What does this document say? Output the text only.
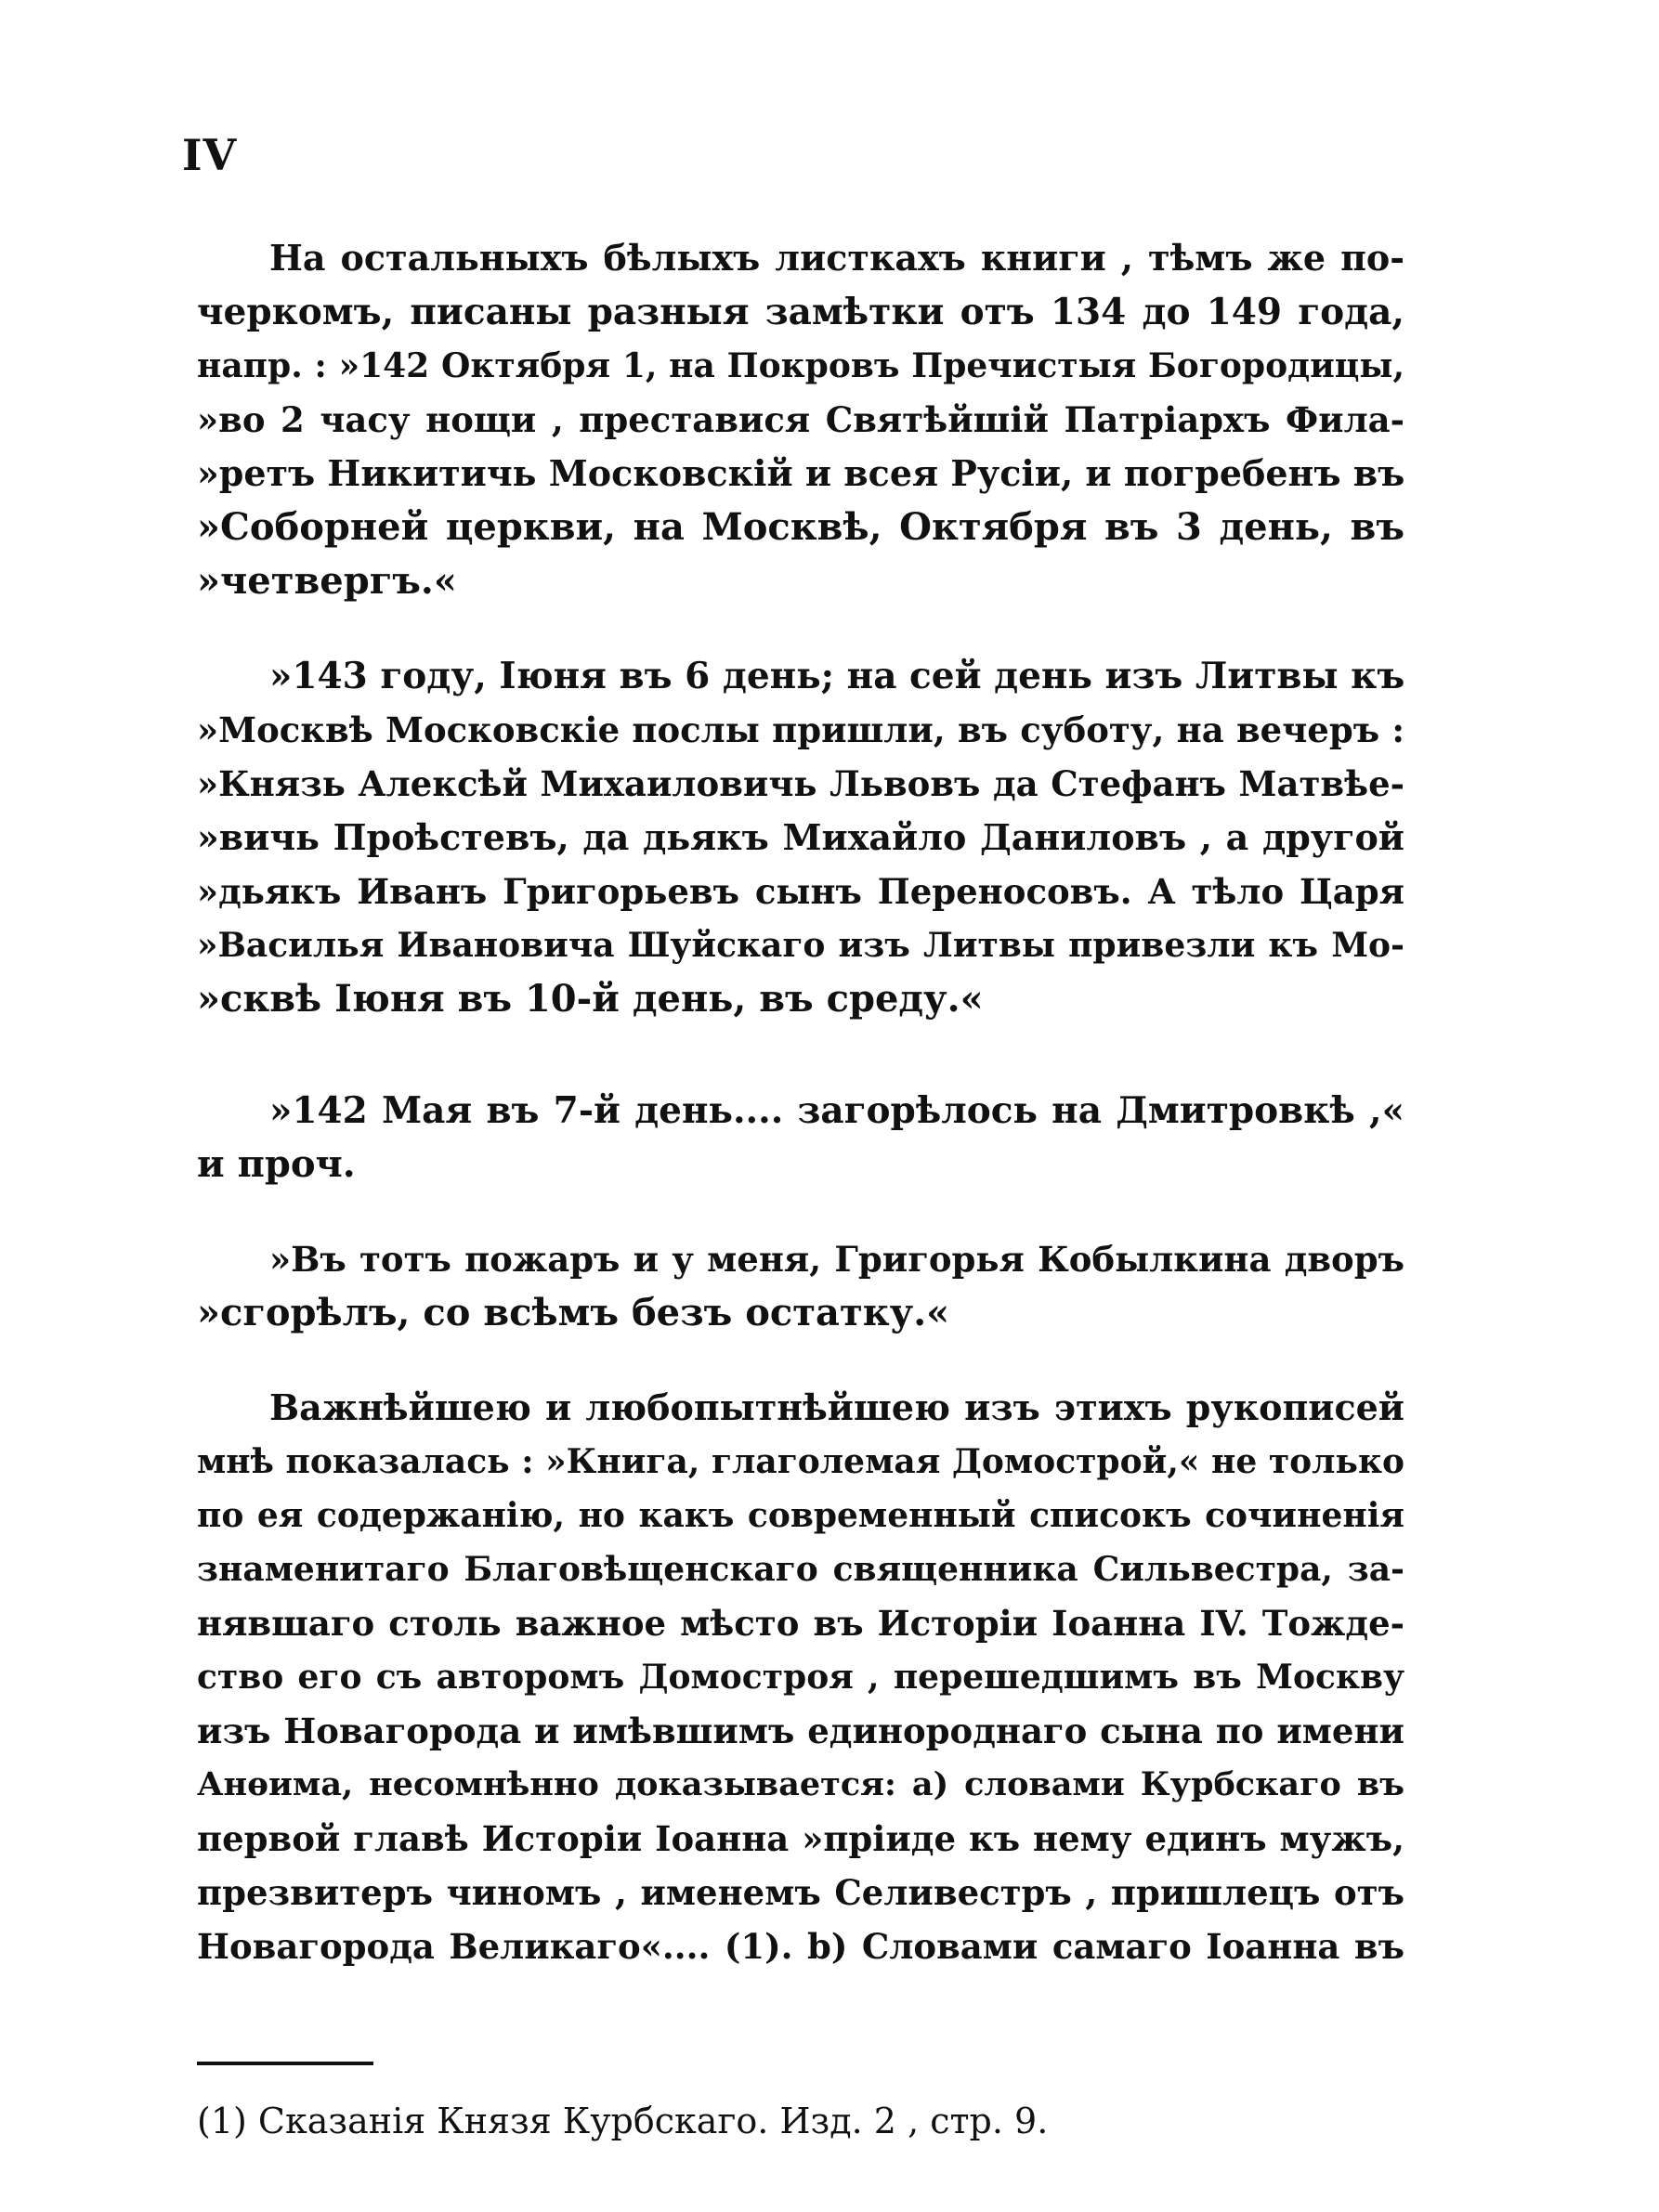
IV
На остальныхъ бѣлыхъ листкахъ книги , тѣмъ же по-
черкомъ, писаны разныя замѣтки отъ 134 до 149 года,
напр. : »142 Октября 1, на Покровъ Пречистыя Богородицы,
»во 2 часу нощи , преставися Святѣйшій Патріархъ Фила-
»ретъ Никитичь Московскій и всея Русіи, и погребенъ въ
»Соборней церкви, на Москвѣ, Октября въ 3 день, въ
»четвергъ.«
»143 году, Іюня въ 6 день; на сей день изъ Литвы къ
»Москвѣ Московскіе послы пришли, въ суботу, на вечеръ :
»Князь Алексѣй Михаиловичь Львовъ да Стефанъ Матвѣе-
»вичь Проѣстевъ, да дьякъ Михайло Даниловъ , а другой
»дьякъ Иванъ Григорьевъ сынъ Переносовъ. А тѣло Царя
»Василья Ивановича Шуйскаго изъ Литвы привезли къ Мо-
»сквѣ Іюня въ 10-й день, въ среду.«
»142 Мая въ 7-й день.... загорѣлось на Дмитровкѣ ,«
и проч.
»Въ тотъ пожаръ и у меня, Григорья Кобылкина дворъ
»сгорѣлъ, со всѣмъ безъ остатку.«
Важнѣйшею и любопытнѣйшею изъ этихъ рукописей
мнѣ показалась : »Книга, глаголемая Домострой,« не только
по ея содержанію, но какъ современный списокъ сочиненія
знаменитаго Благовѣщенскаго священника Сильвестра, за-
нявшаго столь важное мѣсто въ Исторіи Іоанна IV. Тожде-
ство его съ авторомъ Домостроя , перешедшимъ въ Москву
изъ Новагорода и имѣвшимъ единороднаго сына по имени
Анѳима, несомнѣнно доказывается: a) словами Курбскаго въ
первой главѣ Исторіи Іоанна »пріиде къ нему единъ мужъ,
презвитеръ чиномъ , именемъ Селивестръ , пришлецъ отъ
Новагорода Великаго«.... (1). b) Словами самаго Іоанна въ
(1) Сказанія Князя Курбскаго. Изд. 2 , стр. 9.
